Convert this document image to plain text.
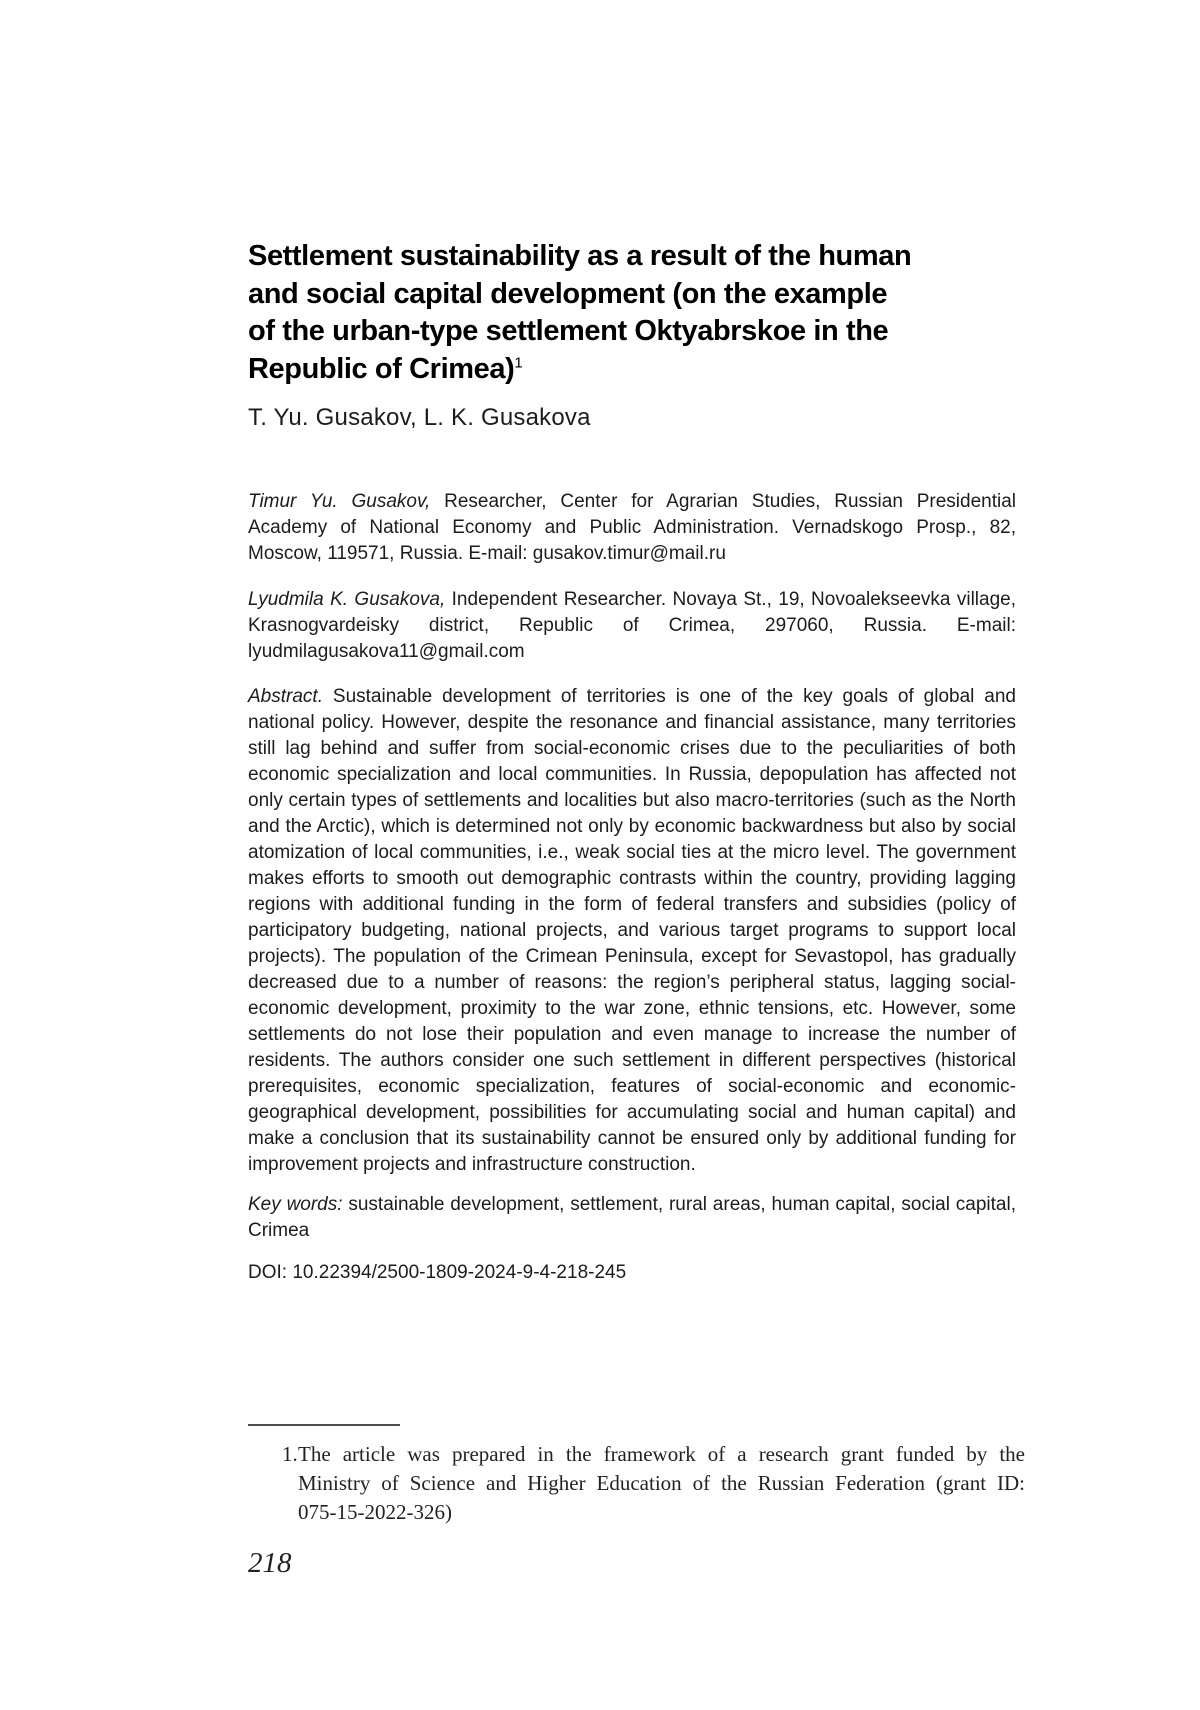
Settlement sustainability as a result of the human
and social capital development (on the example
of the urban-type settlement Oktyabrskoe in the
Republic of Crimea)$^1$
T. Yu. Gusakov, L. K. Gusakova

Timur Yu. Gusakov, Researcher, Center for Agrarian Studies, Russian Presidential Academy of National Economy and Public Administration. Vernadskogo Prosp., 82, Moscow, 119571, Russia. E-mail: gusakov.timur@mail.ru

Lyudmila K. Gusakova, Independent Researcher. Novaya St., 19, Novoalekseevka village, Krasnogvardeisky district, Republic of Crimea, 297060, Russia. E-mail: lyudmilagusakova11@gmail.com

Abstract. Sustainable development of territories is one of the key goals of global and national policy. However, despite the resonance and financial assistance, many territories still lag behind and suffer from social-economic crises due to the peculiarities of both economic specialization and local communities. In Russia, depopulation has affected not only certain types of settlements and localities but also macro-territories (such as the North and the Arctic), which is determined not only by economic backwardness but also by social atomization of local communities, i.e., weak social ties at the micro level. The government makes efforts to smooth out demographic contrasts within the country, providing lagging regions with additional funding in the form of federal transfers and subsidies (policy of participatory budgeting, national projects, and various target programs to support local projects). The population of the Crimean Peninsula, except for Sevastopol, has gradually decreased due to a number of reasons: the region’s peripheral status, lagging social-economic development, proximity to the war zone, ethnic tensions, etc. However, some settlements do not lose their population and even manage to increase the number of residents. The authors consider one such settlement in different perspectives (historical prerequisites, economic specialization, features of social-economic and economic-geographical development, possibilities for accumulating social and human capital) and make a conclusion that its sustainability cannot be ensured only by additional funding for improvement projects and infrastructure construction.

Key words: sustainable development, settlement, rural areas, human capital, social capital, Crimea

DOI: 10.22394/2500-1809-2024-9-4-218-245

1. The article was prepared in the framework of a research grant funded by the Ministry of Science and Higher Education of the Russian Federation (grant ID: 075-15-2022-326)
218
